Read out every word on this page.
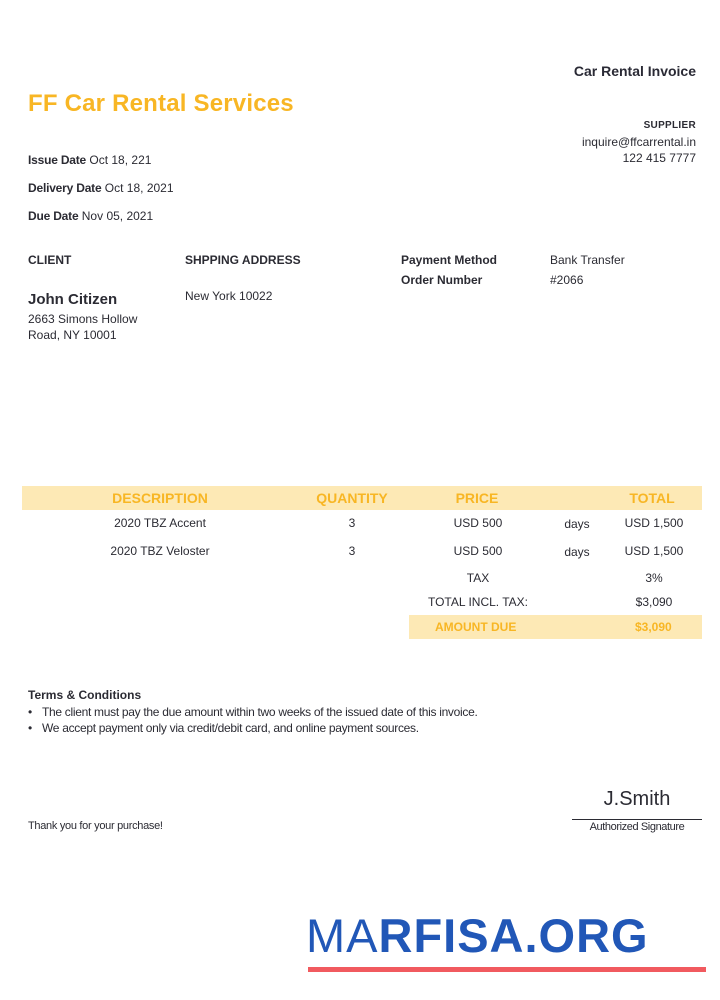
Car Rental Invoice
FF Car Rental Services
SUPPLIER
inquire@ffcarrental.in
122 415 7777
Issue Date Oct 18, 221
Delivery Date Oct 18, 2021
Due Date Nov 05, 2021
CLIENT	SHPPING ADDRESS
John Citizen
2663 Simons Hollow
Road, NY 10001
New York 10022
Payment Method	Bank Transfer
Order Number	#2066
DESCRIPTION	QUANTITY	PRICE	TOTAL
2020 TBZ Accent	3	USD 500	days	USD 1,500
2020 TBZ Veloster	3	USD 500	days	USD 1,500
TAX	3%
TOTAL INCL. TAX:	$3,090
AMOUNT DUE	$3,090
Terms & Conditions
• The client must pay the due amount within two weeks of the issued date of this invoice.
• We accept payment only via credit/debit card, and online payment sources.
Thank you for your purchase!
J.Smith
Authorized Signature
MARFISA.ORG
